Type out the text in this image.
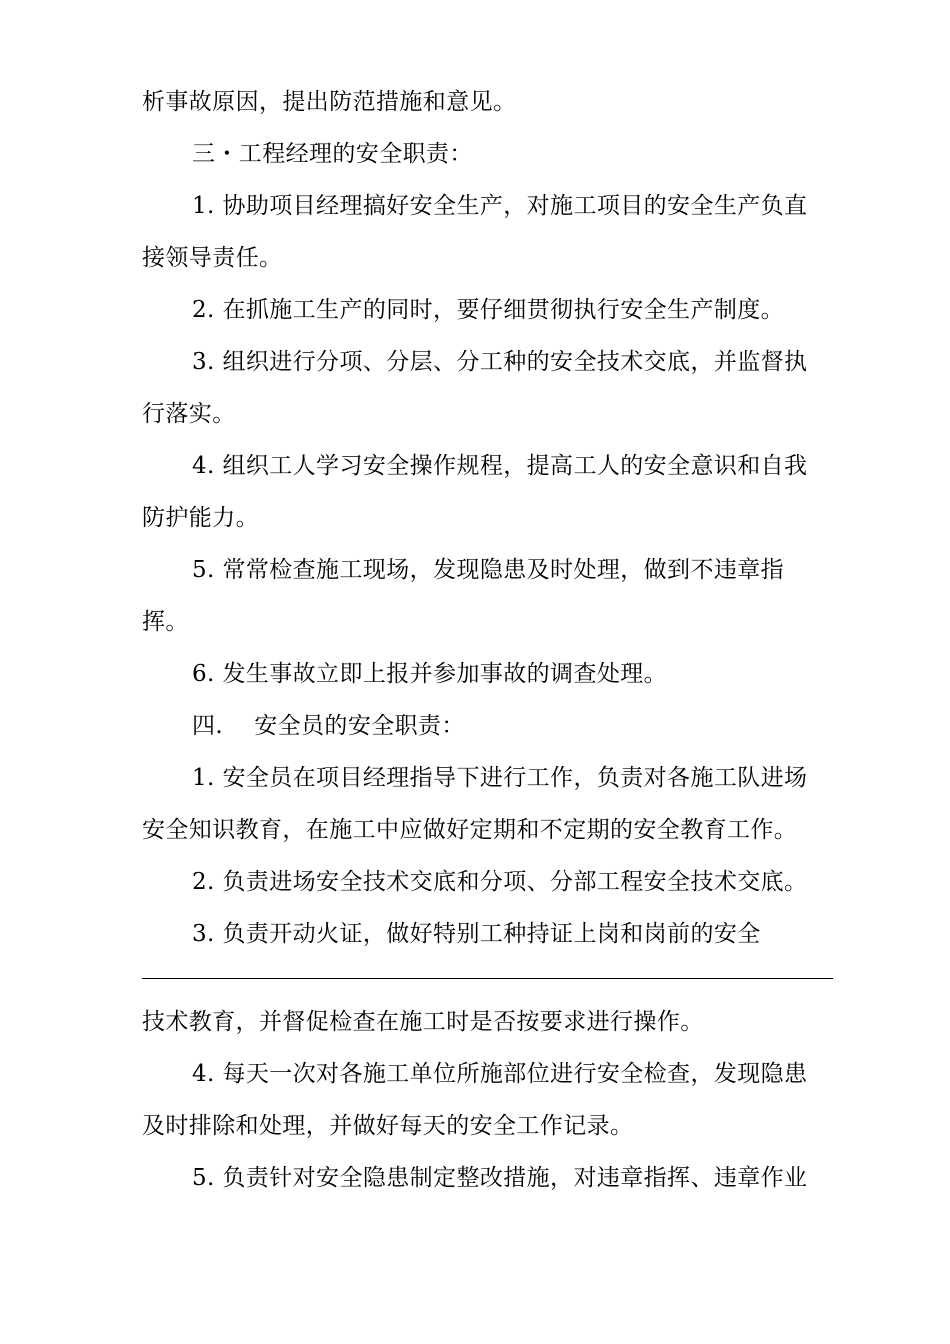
析事故原因，提出防范措施和意见。
三・工程经理的安全职责：
1. 协助项目经理搞好安全生产，对施工项目的安全生产负直
接领导责任。
2. 在抓施工生产的同时，要仔细贯彻执行安全生产制度。
3. 组织进行分项、分层、分工种的安全技术交底，并监督执
行落实。
4. 组织工人学习安全操作规程，提高工人的安全意识和自我
防护能力。
5. 常常检查施工现场，发现隐患及时处理，做到不违章指
挥。
6. 发生事故立即上报并参加事故的调查处理。
四.　 安全员的安全职责：
1. 安全员在项目经理指导下进行工作，负责对各施工队进场
安全知识教育，在施工中应做好定期和不定期的安全教育工作。
2. 负责进场安全技术交底和分项、分部工程安全技术交底。
3. 负责开动火证，做好特别工种持证上岗和岗前的安全
技术教育，并督促检查在施工时是否按要求进行操作。
4. 每天一次对各施工单位所施部位进行安全检查，发现隐患
及时排除和处理，并做好每天的安全工作记录。
5. 负责针对安全隐患制定整改措施，对违章指挥、违章作业
